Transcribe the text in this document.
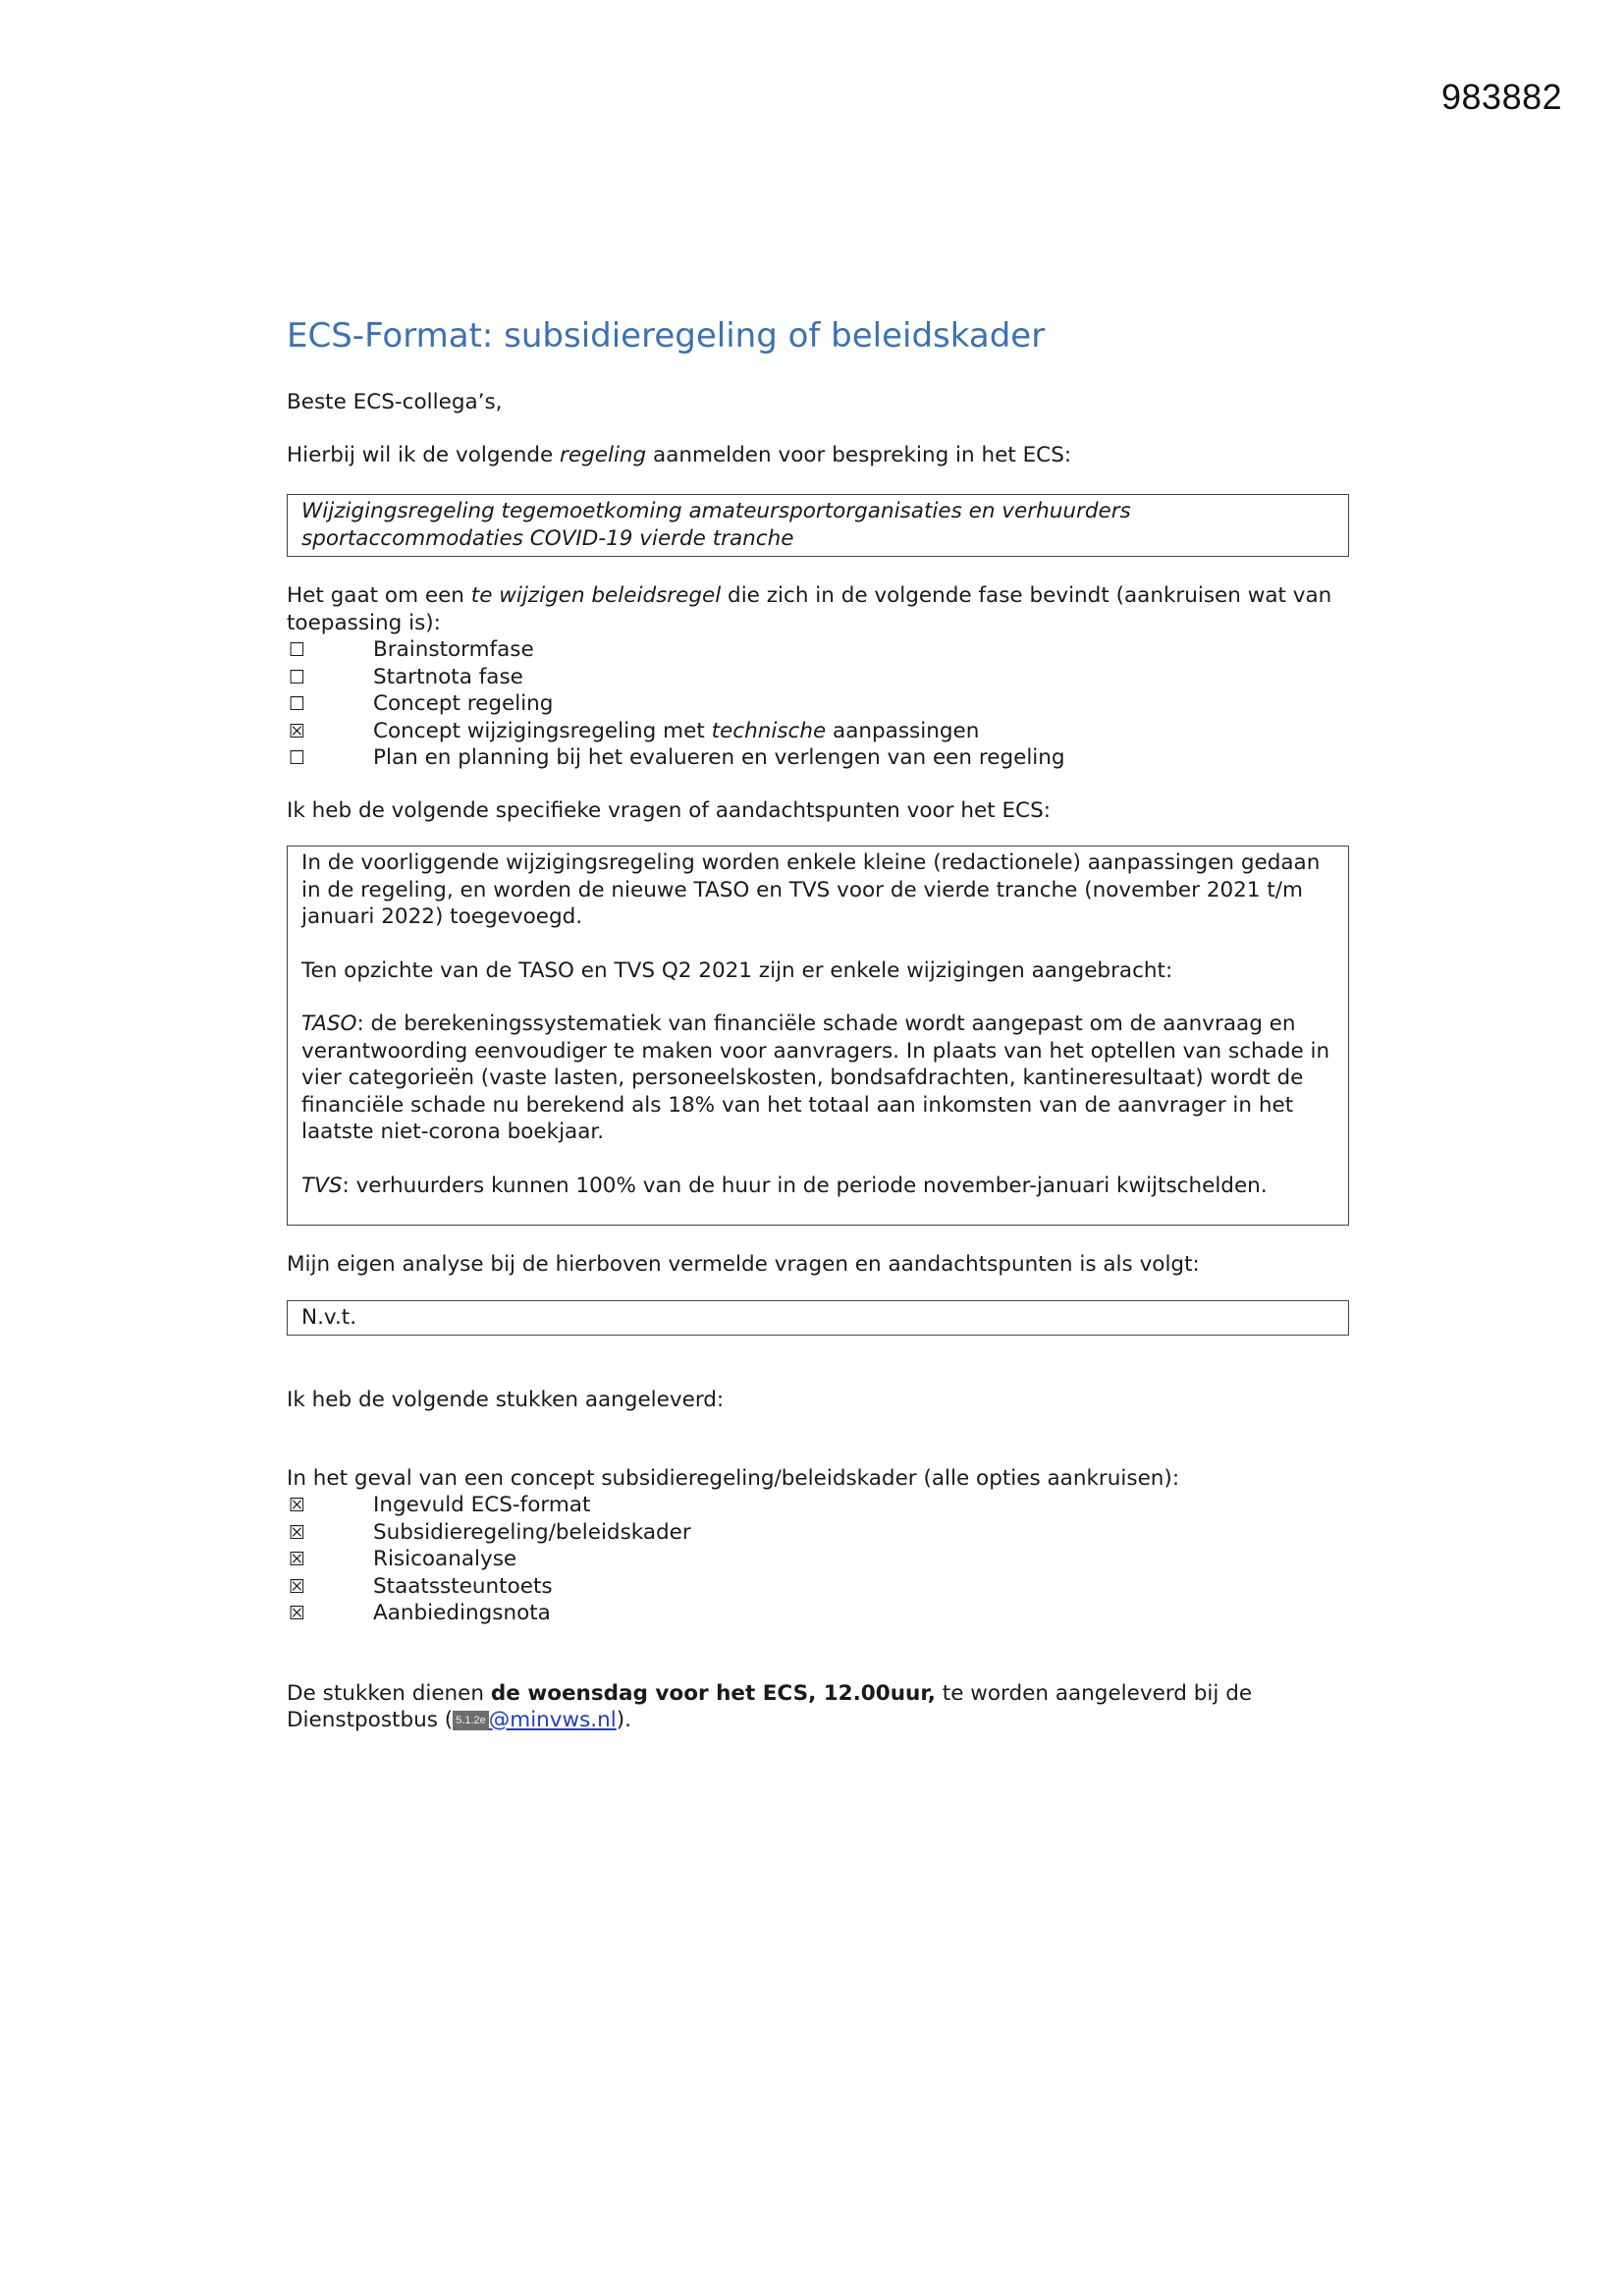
983882
ECS-Format: subsidieregeling of beleidskader

Beste ECS-collega’s,

Hierbij wil ik de volgende regeling aanmelden voor bespreking in het ECS:

Wijzigingsregeling tegemoetkoming amateursportorganisaties en verhuurders sportaccommodaties COVID-19 vierde tranche

Het gaat om een te wijzigen beleidsregel die zich in de volgende fase bevindt (aankruisen wat van toepassing is):

☐	Brainstormfase
☐	Startnota fase
☐	Concept regeling
☒	Concept wijzigingsregeling met technische aanpassingen
☐	Plan en planning bij het evalueren en verlengen van een regeling

Ik heb de volgende specifieke vragen of aandachtspunten voor het ECS:

In de voorliggende wijzigingsregeling worden enkele kleine (redactionele) aanpassingen gedaan in de regeling, en worden de nieuwe TASO en TVS voor de vierde tranche (november 2021 t/m januari 2022) toegevoegd.

Ten opzichte van de TASO en TVS Q2 2021 zijn er enkele wijzigingen aangebracht:

TASO: de berekeningssystematiek van financiële schade wordt aangepast om de aanvraag en verantwoording eenvoudiger te maken voor aanvragers. In plaats van het optellen van schade in vier categorieën (vaste lasten, personeelskosten, bondsafdrachten, kantineresultaat) wordt de financiële schade nu berekend als 18% van het totaal aan inkomsten van de aanvrager in het laatste niet-corona boekjaar.

TVS: verhuurders kunnen 100% van de huur in de periode november-januari kwijtschelden.

Mijn eigen analyse bij de hierboven vermelde vragen en aandachtspunten is als volgt:

N.v.t.

Ik heb de volgende stukken aangeleverd:

In het geval van een concept subsidieregeling/beleidskader (alle opties aankruisen):

☒	Ingevuld ECS-format
☒	Subsidieregeling/beleidskader
☒	Risicoanalyse
☒	Staatssteuntoets
☒	Aanbiedingsnota

De stukken dienen de woensdag voor het ECS, 12.00uur, te worden aangeleverd bij de Dienstpostbus ( 5.1.2e @minvws.nl).
